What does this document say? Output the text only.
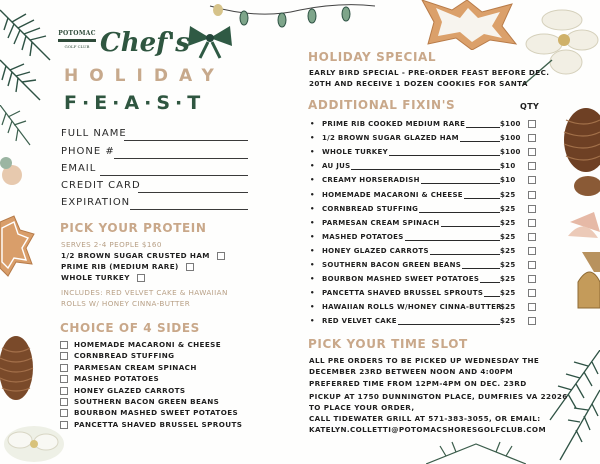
POTOMAC
GOLF CLUB Chef's
HOLIDAY
F·E·A·S·T
FULL NAME
PHONE #
EMAIL
CREDIT CARD
EXPIRATION
PICK YOUR PROTEIN
SERVES 2-4 PEOPLE $160
1/2 BROWN SUGAR CRUSTED HAM
PRIME RIB (MEDIUM RARE)
WHOLE TURKEY
INCLUDES: RED VELVET CAKE & HAWAIIAN
ROLLS W/ HONEY CINNA-BUTTER
CHOICE OF 4 SIDES
HOMEMADE MACARONI & CHEESE
CORNBREAD STUFFING
PARMESAN CREAM SPINACH
MASHED POTATOES
HONEY GLAZED CARROTS
SOUTHERN BACON GREEN BEANS
BOURBON MASHED SWEET POTATOES
PANCETTA SHAVED BRUSSEL SPROUTS
HOLIDAY SPECIAL
EARLY BIRD SPECIAL - PRE-ORDER FEAST BEFORE DEC.
20TH AND RECEIVE 1 DOZEN COOKIES FOR SANTA
ADDITIONAL FIXIN'S	QTY
• PRIME RIB COOKED MEDIUM RARE	$100
• 1/2 BROWN SUGAR GLAZED HAM	$100
• WHOLE TURKEY	$100
• AU JUS	$10
• CREAMY HORSERADISH	$10
• HOMEMADE MACARONI & CHEESE	$25
• CORNBREAD STUFFING	$25
• PARMESAN CREAM SPINACH	$25
• MASHED POTATOES	$25
• HONEY GLAZED CARROTS	$25
• SOUTHERN BACON GREEN BEANS	$25
• BOURBON MASHED SWEET POTATOES	$25
• PANCETTA SHAVED BRUSSEL SPROUTS $25
• HAWAIIAN ROLLS W/HONEY CINNA-BUTTER
$25
• RED VELVET CAKE	$25
PICK YOUR TIME SLOT
ALL PRE ORDERS TO BE PICKED UP WEDNESDAY THE
DECEMBER 23RD BETWEEN NOON AND 4:00PM
PREFERRED TIME FROM 12PM-4PM ON DEC. 23RD
PICKUP AT 1750 DUNNINGTON PLACE, DUMFRIES VA 22026
TO PLACE YOUR ORDER,
CALL TIDEWATER GRILL AT 571-383-3055, OR EMAIL:
KATELYN.COLLETTI@POTOMACSHORESGOLFCLUB.COM
